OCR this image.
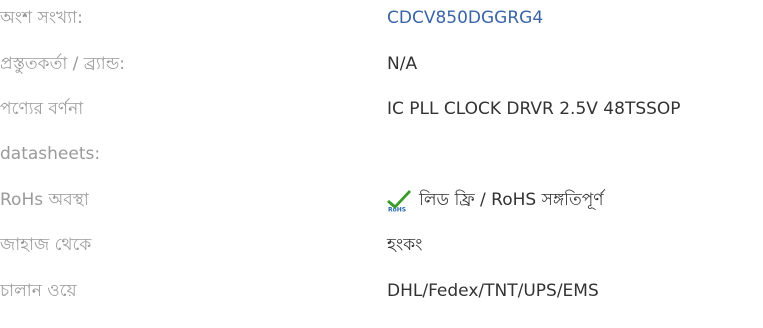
অংশ সংখ্যা:	CDCV850DGGRG4
প্রস্তুতকর্তা / ব্র্যান্ড:	N/A
পণ্যের বর্ণনা	IC PLL CLOCK DRVR 2.5V 48TSSOP
datasheets:
RoHs অবস্থা	RoHS লিড ফ্রি / RoHS সঙ্গতিপূর্ণ
জাহাজ থেকে	হংকং
চালান ওয়ে	DHL/Fedex/TNT/UPS/EMS
